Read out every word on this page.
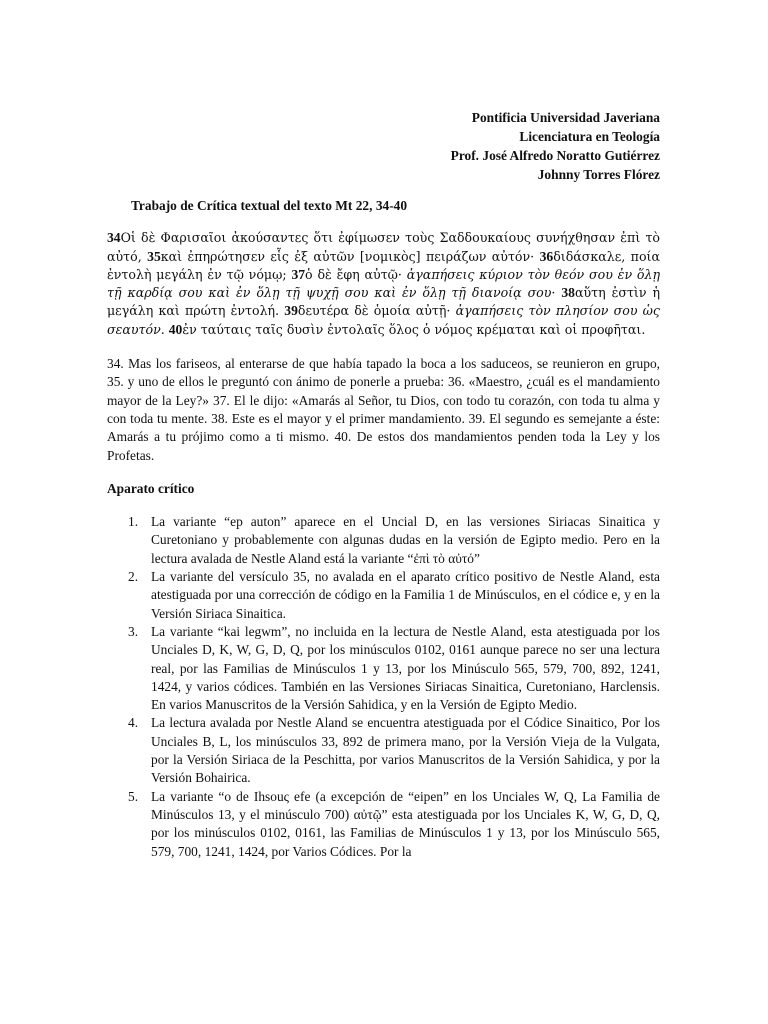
Pontificia Universidad Javeriana
Licenciatura en Teología
Prof. José Alfredo Noratto Gutiérrez
Johnny Torres Flórez
Trabajo de Crítica textual del texto Mt 22, 34-40
34Οἱ δὲ Φαρισαῖοι ἀκούσαντες ὅτι ἐφίμωσεν τοὺς Σαδδουκαίους συνήχθησαν ἐπὶ τὸ αὐτό, 35καὶ ἐπηρώτησεν εἷς ἐξ αὐτῶν [νομικὸς] πειράζων αὐτόν· 36διδάσκαλε, ποία ἐντολὴ μεγάλη ἐν τῷ νόμῳ; 37ὁ δὲ ἔφη αὐτῷ· ἀγαπήσεις κύριον τὸν θεόν σου ἐν ὅλῃ τῇ καρδίᾳ σου καὶ ἐν ὅλῃ τῇ ψυχῇ σου καὶ ἐν ὅλῃ τῇ διανοίᾳ σου· 38αὕτη ἐστὶν ἡ μεγάλη καὶ πρώτη ἐντολή. 39δευτέρα δὲ ὁμοία αὐτῇ· ἀγαπήσεις τὸν πλησίον σου ὡς σεαυτόν. 40ἐν ταύταις ταῖς δυσὶν ἐντολαῖς ὅλος ὁ νόμος κρέμαται καὶ οἱ προφῆται.
34. Mas los fariseos, al enterarse de que había tapado la boca a los saduceos, se reunieron en grupo, 35. y uno de ellos le preguntó con ánimo de ponerle a prueba: 36. «Maestro, ¿cuál es el mandamiento mayor de la Ley?» 37. El le dijo: «Amarás al Señor, tu Dios, con todo tu corazón, con toda tu alma y con toda tu mente. 38. Este es el mayor y el primer mandamiento. 39. El segundo es semejante a éste: Amarás a tu prójimo como a ti mismo. 40. De estos dos mandamientos penden toda la Ley y los Profetas.
Aparato crítico
1. La variante “ep auton” aparece en el Uncial D, en las versiones Siriacas Sinaitica y Curetoniano y probablemente con algunas dudas en la versión de Egipto medio. Pero en la lectura avalada de Nestle Aland está la variante “ἐπὶ τὸ αὐτό”
2. La variante del versículo 35, no avalada en el aparato crítico positivo de Nestle Aland, esta atestiguada por una corrección de código en la Familia 1 de Minúsculos, en el códice e, y en la Versión Siriaca Sinaitica.
3. La variante “kai legwm”, no incluida en la lectura de Nestle Aland, esta atestiguada por los Unciales D, K, W, G, D, Q, por los minúsculos 0102, 0161 aunque parece no ser una lectura real, por las Familias de Minúsculos 1 y 13, por los Minúsculo 565, 579, 700, 892, 1241, 1424, y varios códices. También en las Versiones Siriacas Sinaitica, Curetoniano, Harclensis. En varios Manuscritos de la Versión Sahidica, y en la Versión de Egipto Medio.
4. La lectura avalada por Nestle Aland se encuentra atestiguada por el Códice Sinaitico, Por los Unciales B, L, los minúsculos 33, 892 de primera mano, por la Versión Vieja de la Vulgata, por la Versión Siriaca de la Peschitta, por varios Manuscritos de la Versión Sahidica, y por la Versión Bohairica.
5. La variante “o de Ihsouς efe (a excepción de “eipen” en los Unciales W, Q, La Familia de Minúsculos 13, y el minúsculo 700) αὐτῷ” esta atestiguada por los Unciales K, W, G, D, Q, por los minúsculos 0102, 0161, las Familias de Minúsculos 1 y 13, por los Minúsculo 565, 579, 700, 1241, 1424, por Varios Códices. Por la
